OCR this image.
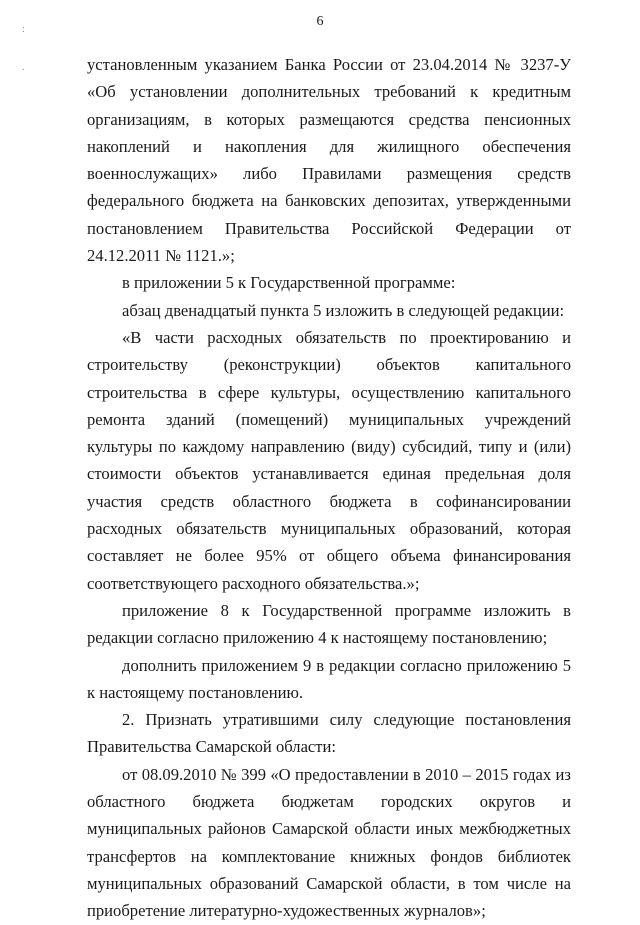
6
:
.	установленным указанием Банка России от 23.04.2014 № 3237-У «Об установлении дополнительных требований к кредитным организациям, в которых размещаются средства пенсионных накоплений и накопления для жилищного обеспечения военнослужащих» либо Правилами размещения средств федерального бюджета на банковских депозитах, утвержденными постановлением Правительства Российской Федерации от 24.12.2011 № 1121.»;

в приложении 5 к Государственной программе:

абзац двенадцатый пункта 5 изложить в следующей редакции:

«В части расходных обязательств по проектированию и строительству (реконструкции) объектов капитального строительства в сфере культуры, осуществлению капитального ремонта зданий (помещений) муниципальных учреждений культуры по каждому направлению (виду) субсидий, типу и (или) стоимости объектов устанавливается единая предельная доля участия средств областного бюджета в софинансировании расходных обязательств муниципальных образований, которая составляет не более 95% от общего объема финансирования соответствующего расходного обязательства.»;

приложение 8 к Государственной программе изложить в редакции согласно приложению 4 к настоящему постановлению;

дополнить приложением 9 в редакции согласно приложению 5 к настоящему постановлению.

2. Признать утратившими силу следующие постановления Правительства Самарской области:

от 08.09.2010 № 399 «О предоставлении в 2010 – 2015 годах из областного бюджета бюджетам городских округов и муниципальных районов Самарской области иных межбюджетных трансфертов на комплектование книжных фондов библиотек муниципальных образований Самарской области, в том числе на приобретение литературно-художественных журналов»;
